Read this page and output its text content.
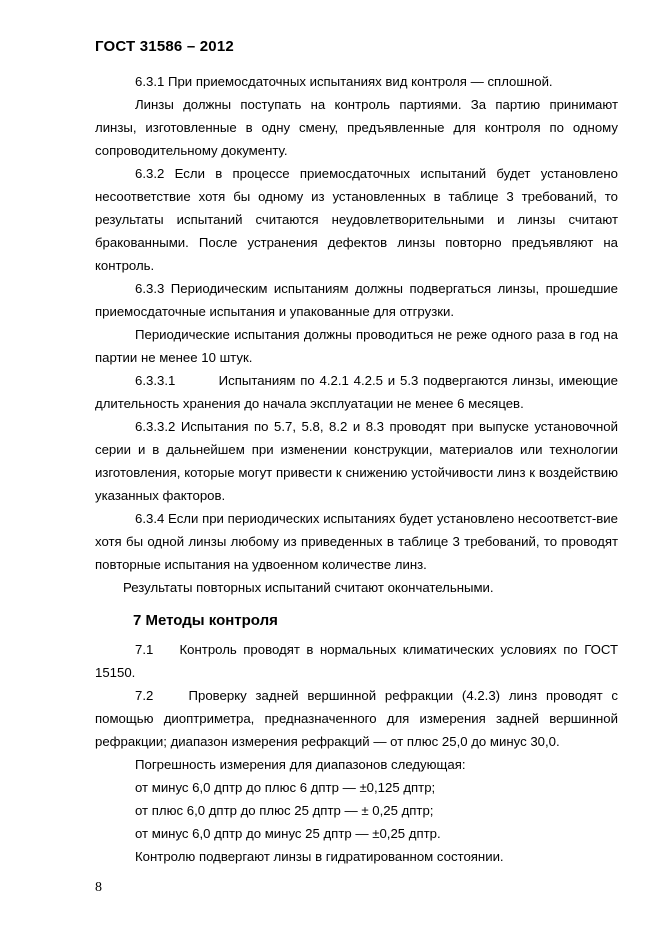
ГОСТ 31586 – 2012

6.3.1 При приемосдаточных испытаниях вид контроля — сплошной.

Линзы должны поступать на контроль партиями. За партию принимают линзы, изготовленные в одну смену, предъявленные для контроля по одному сопроводительному документу.

6.3.2 Если в процессе приемосдаточных испытаний будет установлено несоответствие хотя бы одному из установленных в таблице 3 требований, то результаты испытаний считаются неудовлетворительными и линзы считают бракованными. После устранения дефектов линзы повторно предъявляют на контроль.

6.3.3 Периодическим испытаниям должны подвергаться линзы, прошедшие приемосдаточные испытания и упакованные для отгрузки.

Периодические испытания должны проводиться не реже одного раза в год на партии не менее 10 штук.

6.3.3.1         Испытаниям по 4.2.1 4.2.5 и 5.3 подвергаются линзы, имеющие длительность хранения до начала эксплуатации не менее 6 месяцев.

6.3.3.2 Испытания по 5.7, 5.8, 8.2 и 8.3 проводят при выпуске установочной серии и в дальнейшем при изменении конструкции, материалов или технологии изготовления, которые могут привести к снижению устойчивости линз к воздействию указанных факторов.

6.3.4 Если при периодических испытаниях будет установлено несоответст-вие хотя бы одной линзы любому из приведенных в таблице 3 требований, то проводят повторные испытания на удвоенном количестве линз.

Результаты повторных испытаний считают окончательными.

7 Методы контроля

7.1    Контроль проводят в нормальных климатических условиях по ГОСТ 15150.

7.2    Проверку задней вершинной рефракции (4.2.3) линз проводят с помощью диоптриметра, предназначенного для измерения задней вершинной рефракции; диапазон измерения рефракций — от плюс 25,0 до минус 30,0.

Погрешность измерения для диапазонов следующая:

от минус 6,0 дптр до плюс 6 дптр — ±0,125 дптр;

от плюс 6,0 дптр до плюс 25 дптр — ± 0,25 дптр;

от минус 6,0 дптр до минус 25 дптр — ±0,25 дптр.

Контролю подвергают линзы в гидратированном состоянии.

8
